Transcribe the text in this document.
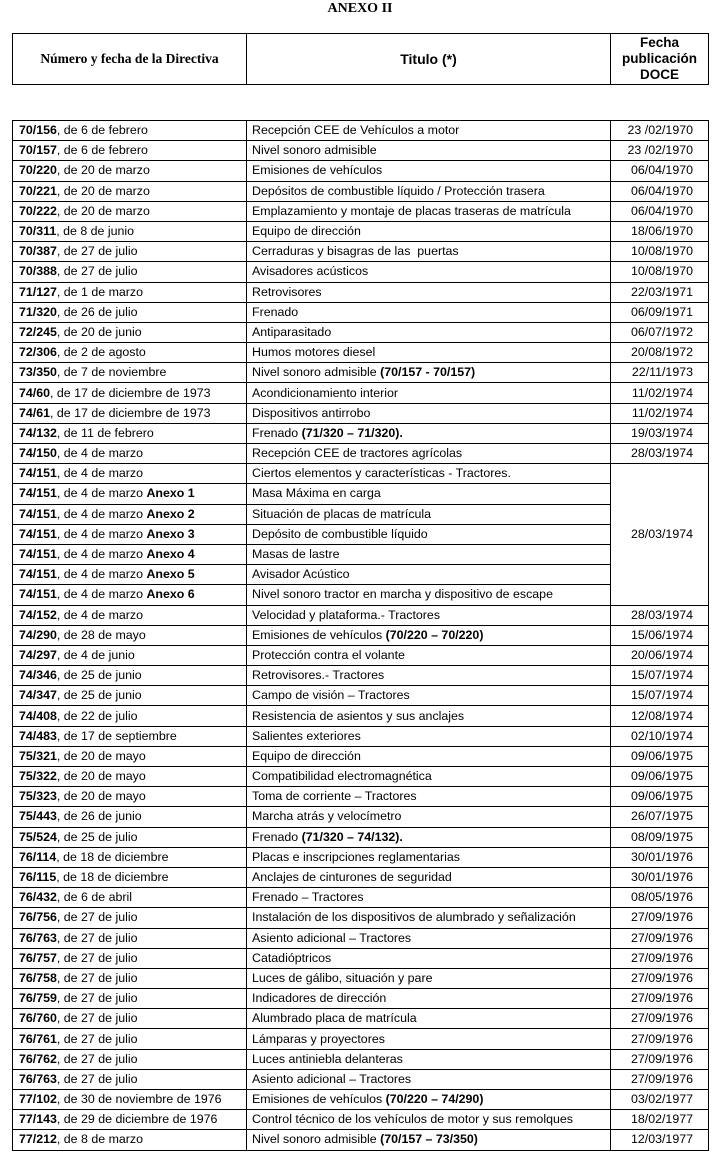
ANEXO II
Número y fecha de la Directiva	Titulo (*)	Fecha
publicación
DOCE
70/156, de 6 de febrero	Recepción CEE de Vehículos a motor	23 /02/1970
70/157, de 6 de febrero	Nivel sonoro admisible	23 /02/1970
70/220, de 20 de marzo	Emisiones de vehículos	06/04/1970
70/221, de 20 de marzo	Depósitos de combustible líquido / Protección trasera	06/04/1970
70/222, de 20 de marzo	Emplazamiento y montaje de placas traseras de matrícula	06/04/1970
70/311, de 8 de junio	Equipo de dirección	18/06/1970
70/387, de 27 de julio	Cerraduras y bisagras de las  puertas	10/08/1970
70/388, de 27 de julio	Avisadores acústicos	10/08/1970
71/127, de 1 de marzo	Retrovisores	22/03/1971
71/320, de 26 de julio	Frenado	06/09/1971
72/245, de 20 de junio	Antiparasitado	06/07/1972
72/306, de 2 de agosto	Humos motores diesel	20/08/1972
73/350, de 7 de noviembre	Nivel sonoro admisible (70/157 - 70/157)	22/11/1973
74/60, de 17 de diciembre de 1973	Acondicionamiento interior	11/02/1974
74/61, de 17 de diciembre de 1973	Dispositivos antirrobo	11/02/1974
74/132, de 11 de febrero	Frenado (71/320 – 71/320).	19/03/1974
74/150, de 4 de marzo	Recepción CEE de tractores agrícolas	28/03/1974
74/151, de 4 de marzo	Ciertos elementos y características - Tractores.	28/03/1974
74/151, de 4 de marzo Anexo 1	Masa Máxima en carga	
74/151, de 4 de marzo Anexo 2	Situación de placas de matrícula	
74/151, de 4 de marzo Anexo 3	Depósito de combustible líquido	
74/151, de 4 de marzo Anexo 4	Masas de lastre	
74/151, de 4 de marzo Anexo 5	Avisador Acústico	
74/151, de 4 de marzo Anexo 6	Nivel sonoro tractor en marcha y dispositivo de escape	
74/152, de 4 de marzo	Velocidad y plataforma.- Tractores	28/03/1974
74/290, de 28 de mayo	Emisiones de vehículos (70/220 – 70/220)	15/06/1974
74/297, de 4 de junio	Protección contra el volante	20/06/1974
74/346, de 25 de junio	Retrovisores.- Tractores	15/07/1974
74/347, de 25 de junio	Campo de visión – Tractores	15/07/1974
74/408, de 22 de julio	Resistencia de asientos y sus anclajes	12/08/1974
74/483, de 17 de septiembre	Salientes exteriores	02/10/1974
75/321, de 20 de mayo	Equipo de dirección	09/06/1975
75/322, de 20 de mayo	Compatibilidad electromagnética	09/06/1975
75/323, de 20 de mayo	Toma de corriente – Tractores	09/06/1975
75/443, de 26 de junio	Marcha atrás y velocímetro	26/07/1975
75/524, de 25 de julio	Frenado (71/320 – 74/132).	08/09/1975
76/114, de 18 de diciembre	Placas e inscripciones reglamentarias	30/01/1976
76/115, de 18 de diciembre	Anclajes de cinturones de seguridad	30/01/1976
76/432, de 6 de abril	Frenado – Tractores	08/05/1976
76/756, de 27 de julio	Instalación de los dispositivos de alumbrado y señalización	27/09/1976
76/763, de 27 de julio	Asiento adicional – Tractores	27/09/1976
76/757, de 27 de julio	Catadióptricos	27/09/1976
76/758, de 27 de julio	Luces de gálibo, situación y pare	27/09/1976
76/759, de 27 de julio	Indicadores de dirección	27/09/1976
76/760, de 27 de julio	Alumbrado placa de matrícula	27/09/1976
76/761, de 27 de julio	Lámparas y proyectores	27/09/1976
76/762, de 27 de julio	Luces antiniebla delanteras	27/09/1976
76/763, de 27 de julio	Asiento adicional – Tractores	27/09/1976
77/102, de 30 de noviembre de 1976	Emisiones de vehículos (70/220 – 74/290)	03/02/1977
77/143, de 29 de diciembre de 1976	Control técnico de los vehículos de motor y sus remolques	18/02/1977
77/212, de 8 de marzo	Nivel sonoro admisible (70/157 – 73/350)	12/03/1977
